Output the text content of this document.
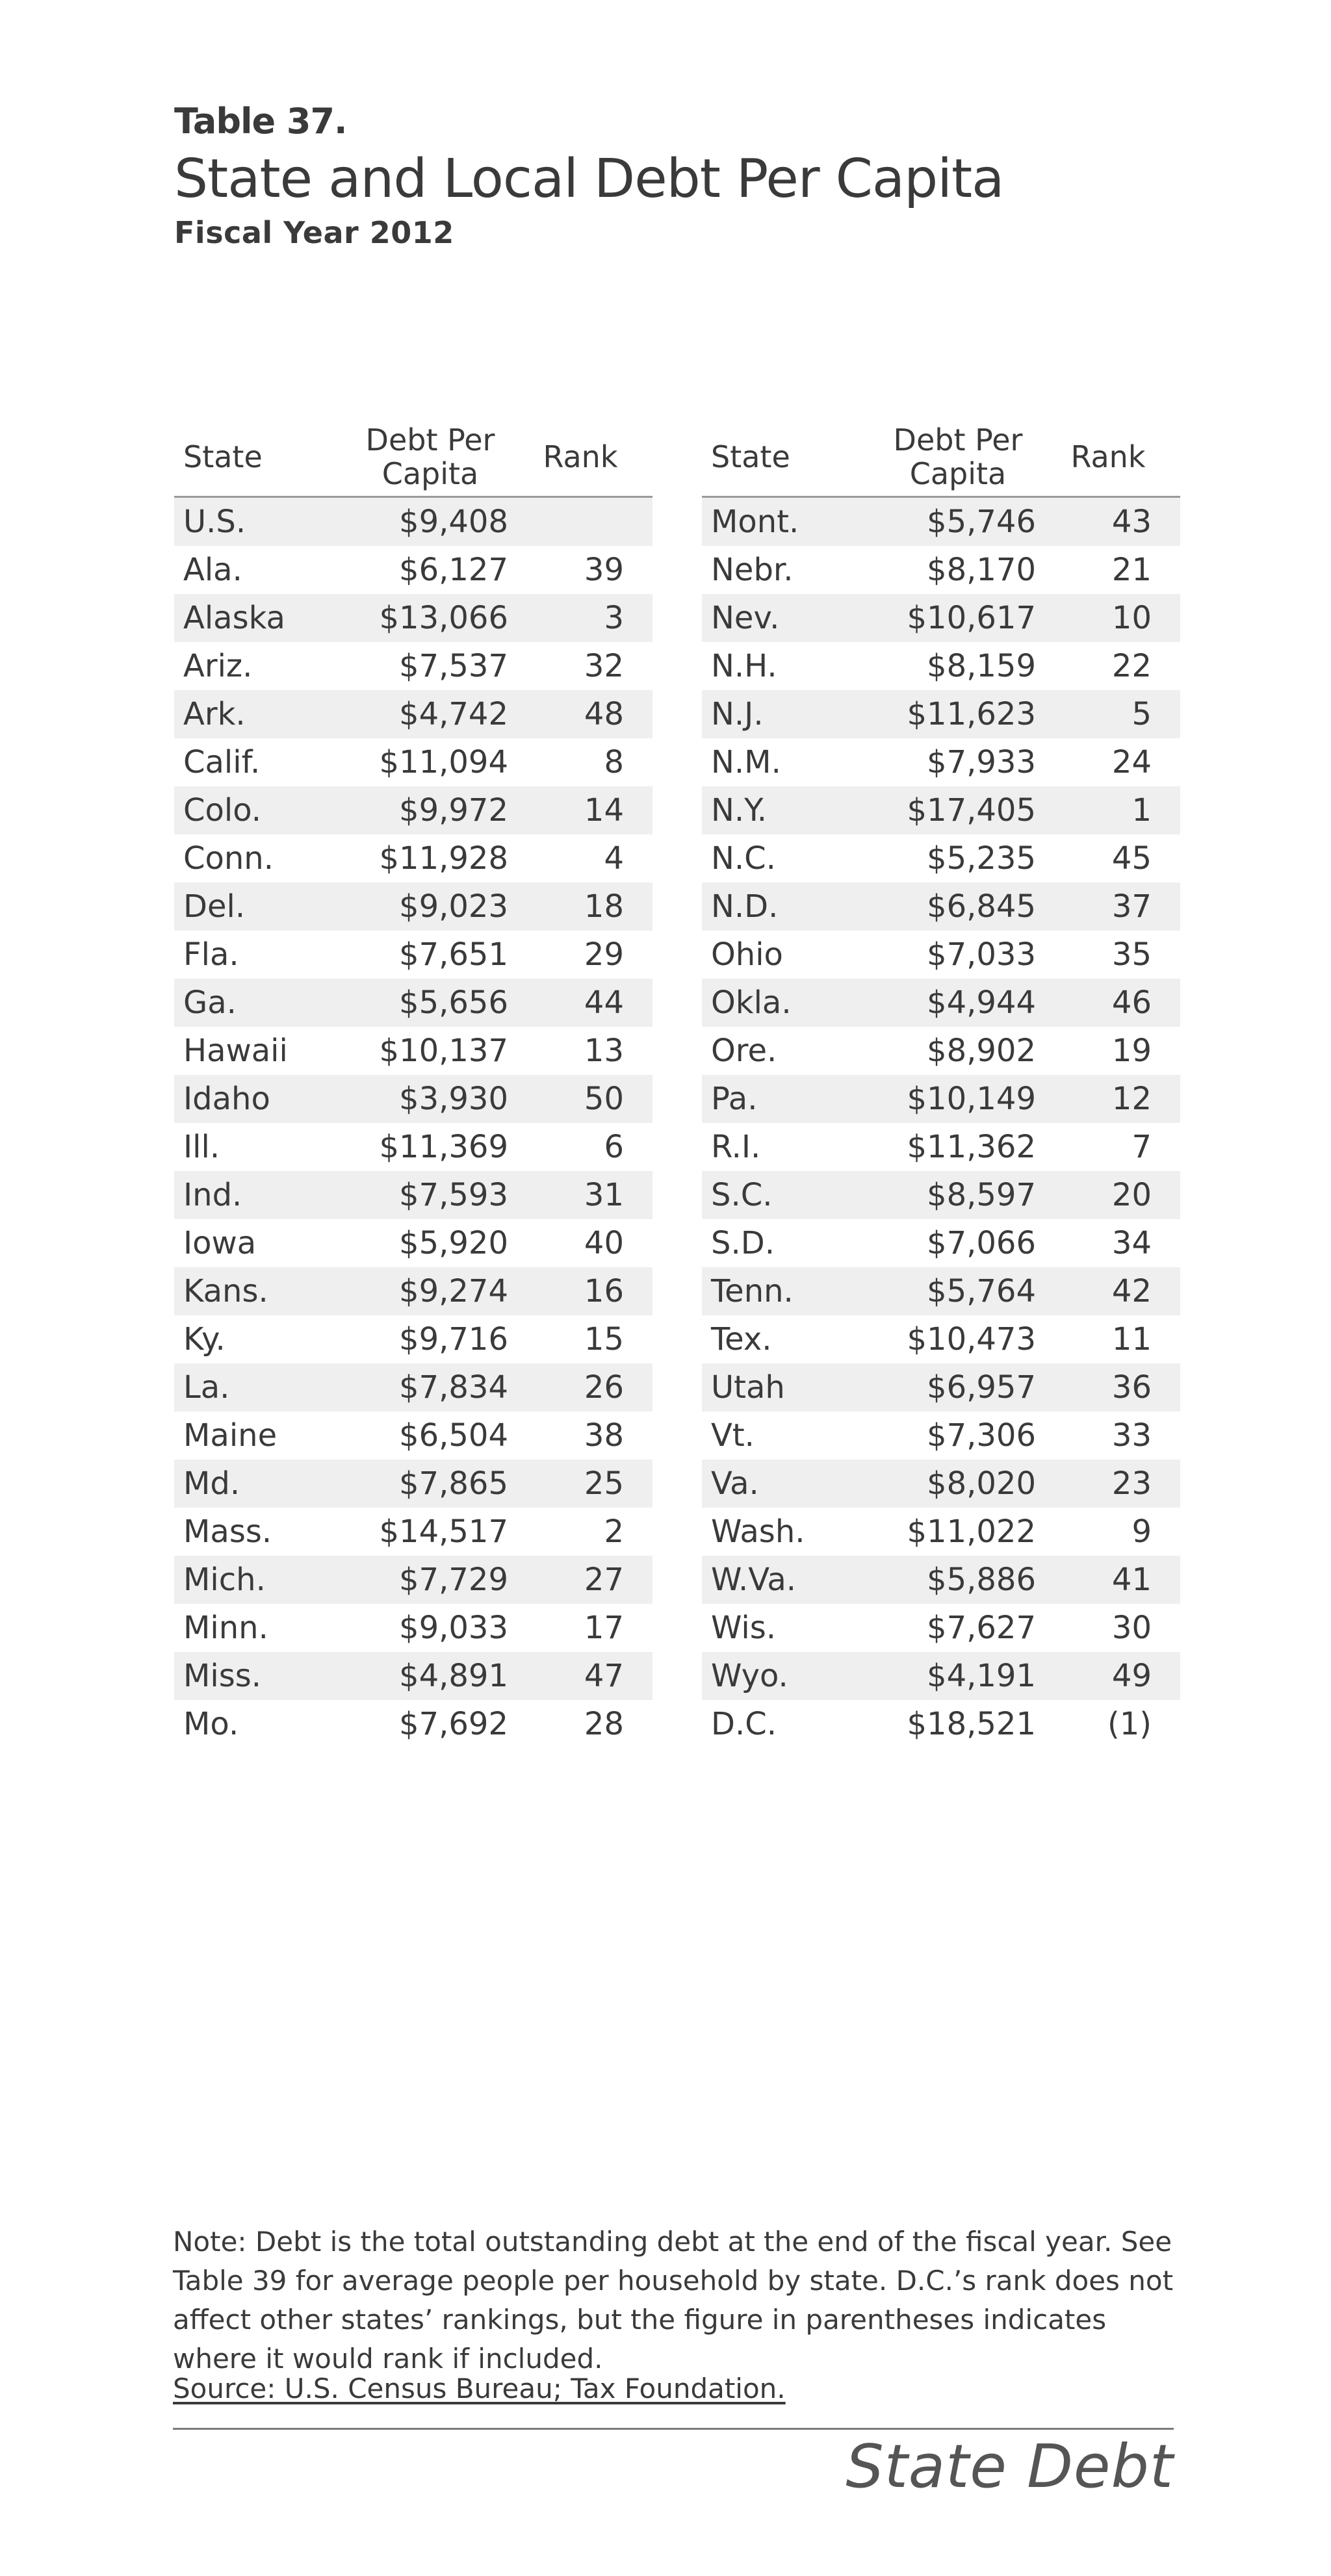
Table 37.
State and Local Debt Per Capita
Fiscal Year 2012
State	Debt Per Capita	Rank
U.S.	$9,408	
Ala.	$6,127	39
Alaska	$13,066	3
Ariz.	$7,537	32
Ark.	$4,742	48
Calif.	$11,094	8
Colo.	$9,972	14
Conn.	$11,928	4
Del.	$9,023	18
Fla.	$7,651	29
Ga.	$5,656	44
Hawaii	$10,137	13
Idaho	$3,930	50
Ill.	$11,369	6
Ind.	$7,593	31
Iowa	$5,920	40
Kans.	$9,274	16
Ky.	$9,716	15
La.	$7,834	26
Maine	$6,504	38
Md.	$7,865	25
Mass.	$14,517	2
Mich.	$7,729	27
Minn.	$9,033	17
Miss.	$4,891	47
Mo.	$7,692	28
State	Debt Per Capita	Rank
Mont.	$5,746	43
Nebr.	$8,170	21
Nev.	$10,617	10
N.H.	$8,159	22
N.J.	$11,623	5
N.M.	$7,933	24
N.Y.	$17,405	1
N.C.	$5,235	45
N.D.	$6,845	37
Ohio	$7,033	35
Okla.	$4,944	46
Ore.	$8,902	19
Pa.	$10,149	12
R.I.	$11,362	7
S.C.	$8,597	20
S.D.	$7,066	34
Tenn.	$5,764	42
Tex.	$10,473	11
Utah	$6,957	36
Vt.	$7,306	33
Va.	$8,020	23
Wash.	$11,022	9
W.Va.	$5,886	41
Wis.	$7,627	30
Wyo.	$4,191	49
D.C.	$18,521	(1)
Note: Debt is the total outstanding debt at the end of the fiscal year. See Table 39 for average people per household by state. D.C.’s rank does not affect other states’ rankings, but the figure in parentheses indicates where it would rank if included.
Source: U.S. Census Bureau; Tax Foundation.
State Debt
